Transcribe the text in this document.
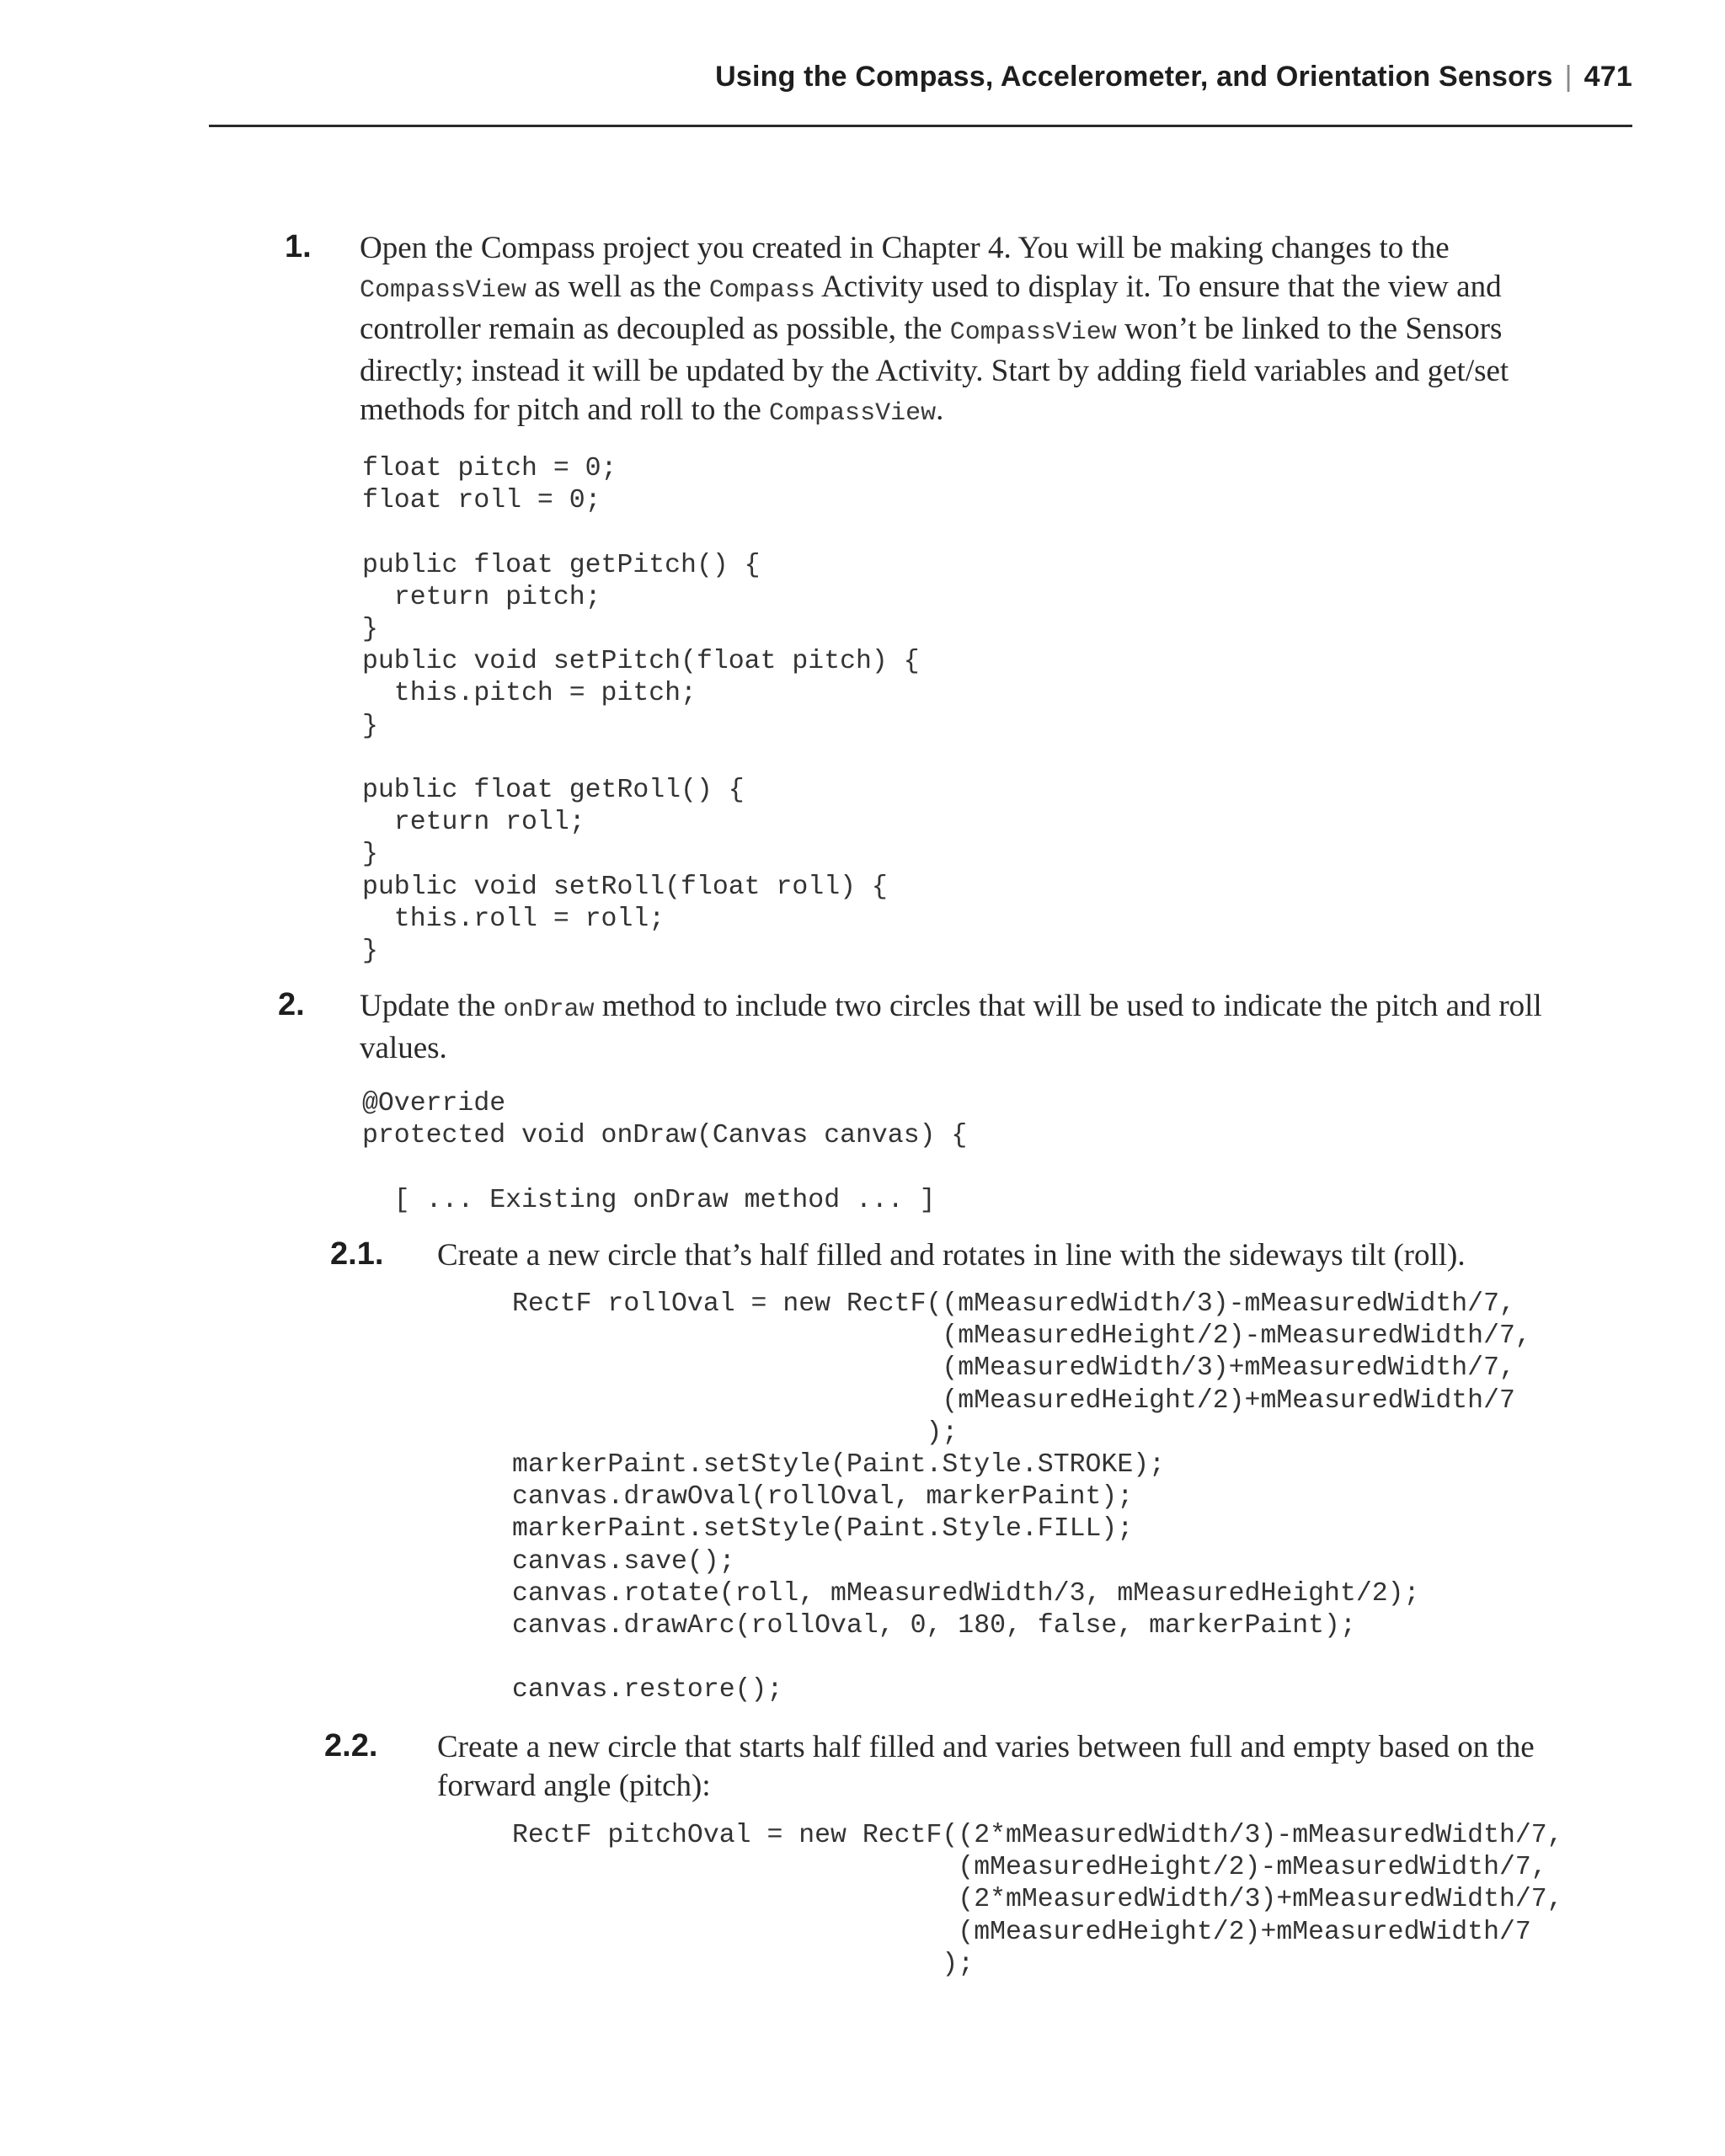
Using the Compass, Accelerometer, and Orientation Sensors | 471
1. Open the Compass project you created in Chapter 4. You will be making changes to the CompassView as well as the Compass Activity used to display it. To ensure that the view and controller remain as decoupled as possible, the CompassView won’t be linked to the Sensors directly; instead it will be updated by the Activity. Start by adding field variables and get/set methods for pitch and roll to the CompassView.
float pitch = 0;
float roll = 0;

public float getPitch() {
return pitch;
}
public void setPitch(float pitch) {
this.pitch = pitch;
}

public float getRoll() {
return roll;
}
public void setRoll(float roll) {
this.roll = roll;
}
2. Update the onDraw method to include two circles that will be used to indicate the pitch and roll values.
@Override
protected void onDraw(Canvas canvas) {

[ ... Existing onDraw method ... ]
2.1. Create a new circle that’s half filled and rotates in line with the sideways tilt (roll).
RectF rollOval = new RectF((mMeasuredWidth/3)-mMeasuredWidth/7,
(mMeasuredHeight/2)-mMeasuredWidth/7,
(mMeasuredWidth/3)+mMeasuredWidth/7,
(mMeasuredHeight/2)+mMeasuredWidth/7
);
markerPaint.setStyle(Paint.Style.STROKE);
canvas.drawOval(rollOval, markerPaint);
markerPaint.setStyle(Paint.Style.FILL);
canvas.save();
canvas.rotate(roll, mMeasuredWidth/3, mMeasuredHeight/2);
canvas.drawArc(rollOval, 0, 180, false, markerPaint);

canvas.restore();
2.2. Create a new circle that starts half filled and varies between full and empty based on the forward angle (pitch):
RectF pitchOval = new RectF((2*mMeasuredWidth/3)-mMeasuredWidth/7,
(mMeasuredHeight/2)-mMeasuredWidth/7,
(2*mMeasuredWidth/3)+mMeasuredWidth/7,
(mMeasuredHeight/2)+mMeasuredWidth/7
);
